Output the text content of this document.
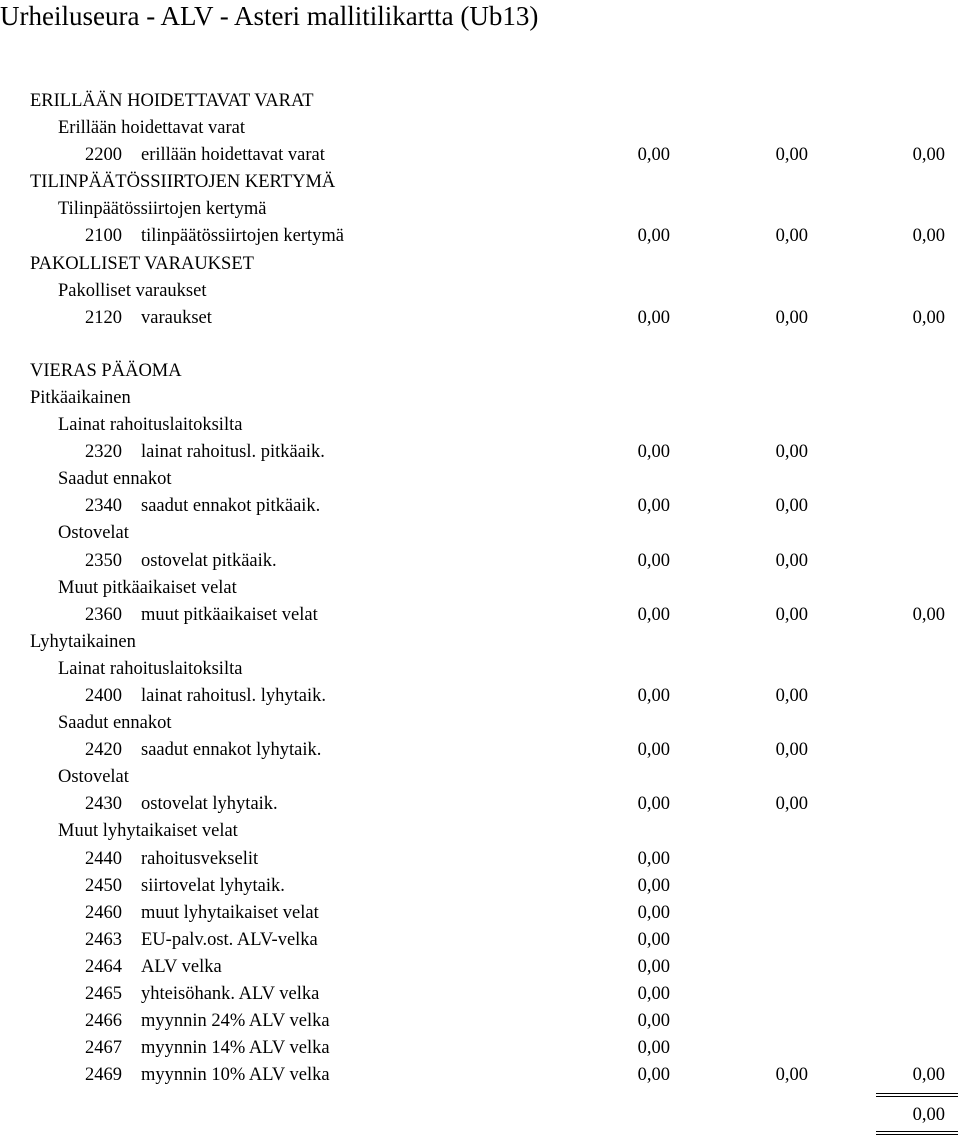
Urheiluseura - ALV - Asteri mallitilikartta (Ub13)
ERILLÄÄN HOIDETTAVAT VARAT
Erillään hoidettavat varat
2200 erillään hoidettavat varat	0,00	0,00	0,00
TILINPÄÄTÖSSIIRTOJEN KERTYMÄ
Tilinpäätössiirtojen kertymä
2100 tilinpäätössiirtojen kertymä	0,00	0,00	0,00
PAKOLLISET VARAUKSET
Pakolliset varaukset
2120 varaukset	0,00	0,00	0,00
VIERAS PÄÄOMA
Pitkäaikainen
Lainat rahoituslaitoksilta
2320 lainat rahoitusl. pitkäaik.	0,00	0,00
Saadut ennakot
2340 saadut ennakot pitkäaik.	0,00	0,00
Ostovelat
2350 ostovelat pitkäaik.	0,00	0,00
Muut pitkäaikaiset velat
2360 muut pitkäaikaiset velat	0,00	0,00	0,00
Lyhytaikainen
Lainat rahoituslaitoksilta
2400 lainat rahoitusl. lyhytaik.	0,00	0,00
Saadut ennakot
2420 saadut ennakot lyhytaik.	0,00	0,00
Ostovelat
2430 ostovelat lyhytaik.	0,00	0,00
Muut lyhytaikaiset velat
2440 rahoitusvekselit	0,00
2450 siirtovelat lyhytaik.	0,00
2460 muut lyhytaikaiset velat	0,00
2463 EU-palv.ost. ALV-velka	0,00
2464 ALV velka	0,00
2465 yhteisöhank. ALV velka	0,00
2466 myynnin 24% ALV velka	0,00
2467 myynnin 14% ALV velka	0,00
2469 myynnin 10% ALV velka	0,00	0,00	0,00
0,00
